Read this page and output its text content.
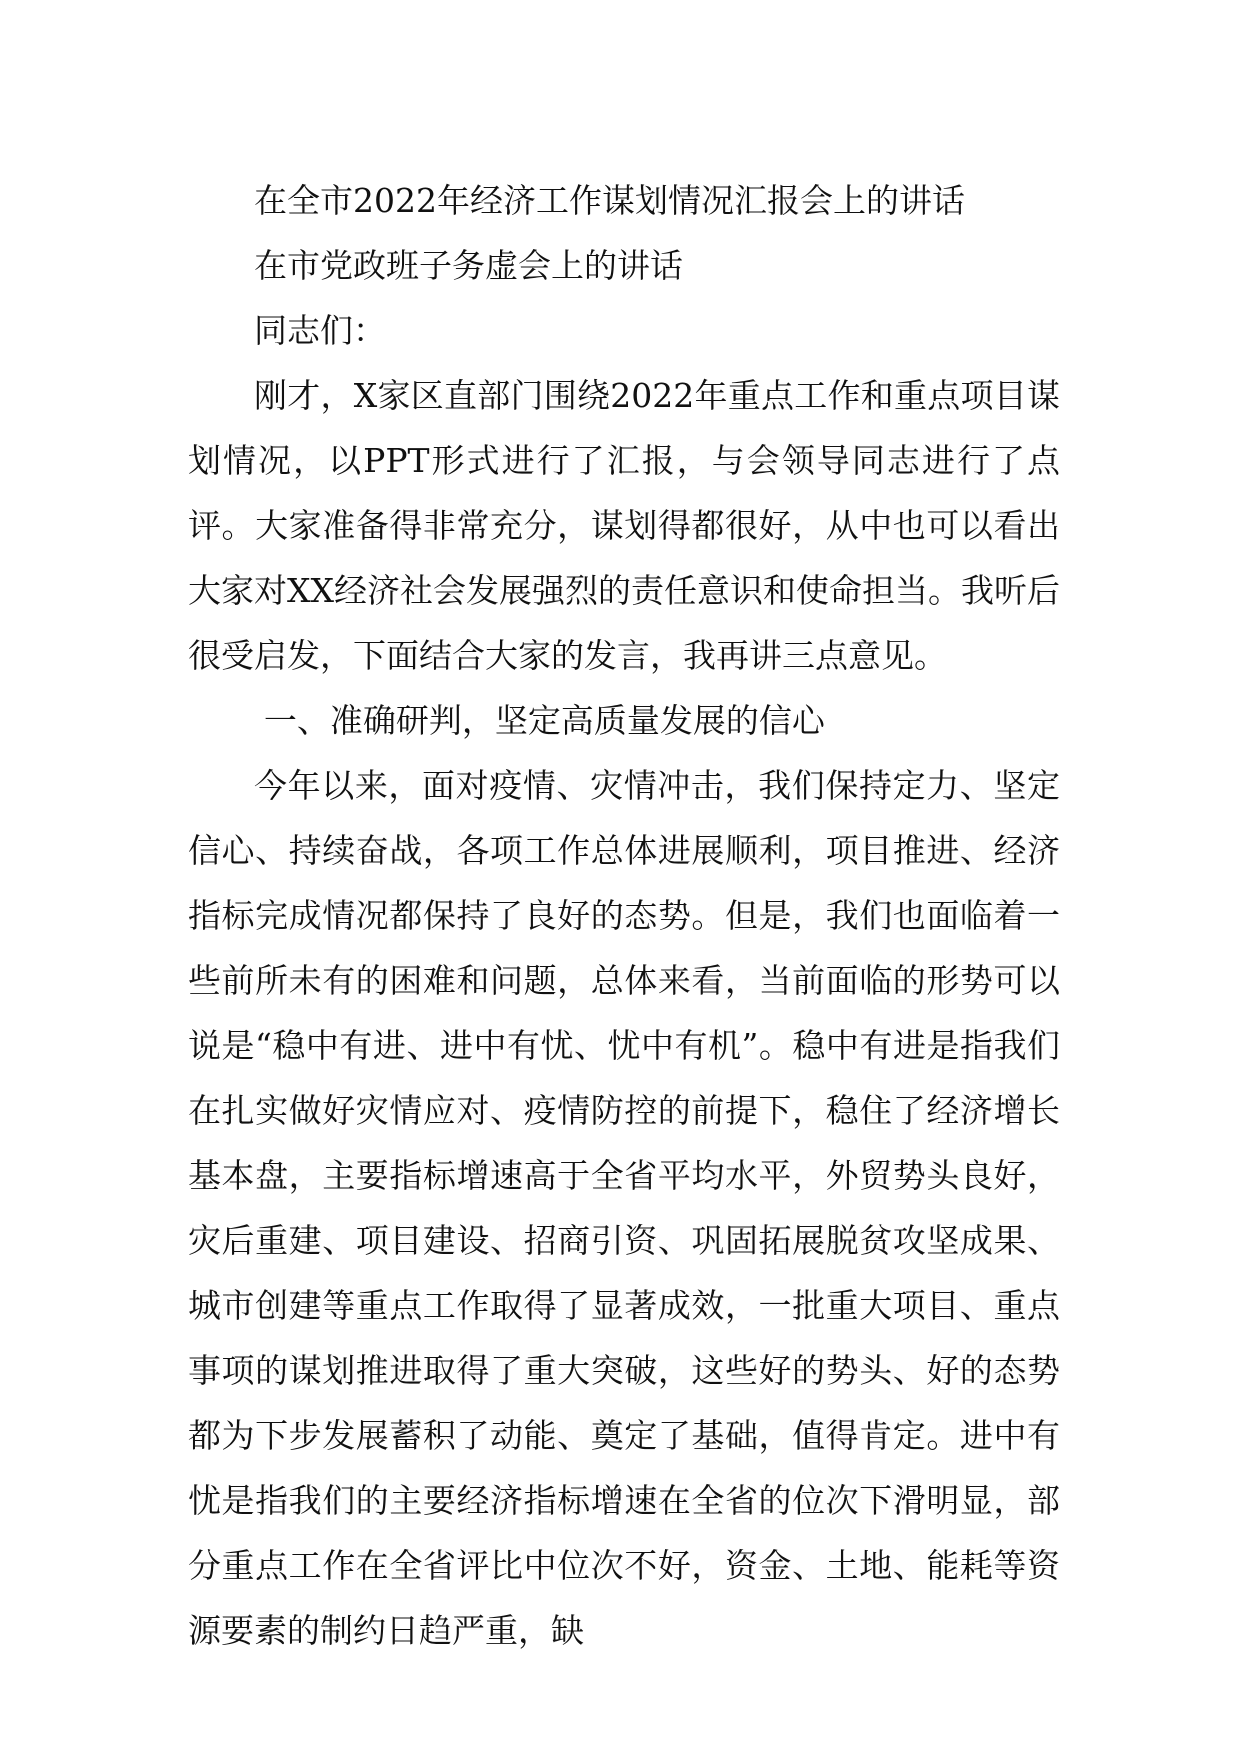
在全市2022年经济工作谋划情况汇报会上的讲话

在市党政班子务虚会上的讲话

同志们：

刚才，X家区直部门围绕2022年重点工作和重点项目谋划情况，以PPT形式进行了汇报，与会领导同志进行了点评。大家准备得非常充分，谋划得都很好，从中也可以看出大家对XX经济社会发展强烈的责任意识和使命担当。我听后很受启发，下面结合大家的发言，我再讲三点意见。

一、准确研判，坚定高质量发展的信心

今年以来，面对疫情、灾情冲击，我们保持定力、坚定信心、持续奋战，各项工作总体进展顺利，项目推进、经济指标完成情况都保持了良好的态势。但是，我们也面临着一些前所未有的困难和问题，总体来看，当前面临的形势可以说是“稳中有进、进中有忧、忧中有机”。稳中有进是指我们在扎实做好灾情应对、疫情防控的前提下，稳住了经济增长基本盘，主要指标增速高于全省平均水平，外贸势头良好，灾后重建、项目建设、招商引资、巩固拓展脱贫攻坚成果、城市创建等重点工作取得了显著成效，一批重大项目、重点事项的谋划推进取得了重大突破，这些好的势头、好的态势都为下步发展蓄积了动能、奠定了基础，值得肯定。进中有忧是指我们的主要经济指标增速在全省的位次下滑明显，部分重点工作在全省评比中位次不好，资金、土地、能耗等资源要素的制约日趋严重，缺
